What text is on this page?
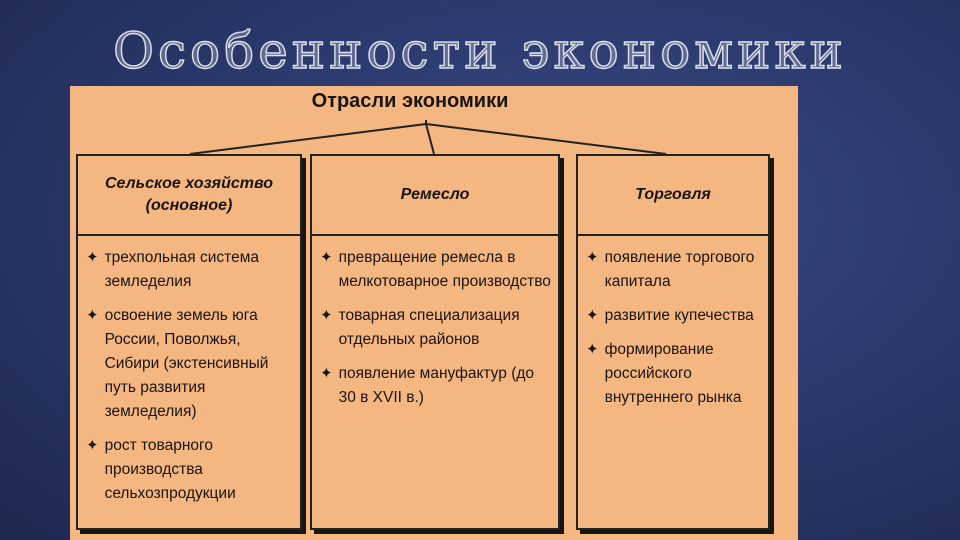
Особенности экономики
Отрасли экономики
Сельское хозяйство
(основное)
✦ трехпольная система земледелия
✦ освоение земель юга России, Поволжья, Сибири (экстенсивный путь развития земледелия)
✦ рост товарного производства сельхозпродукции
Ремесло
✦ превращение ремесла в мелкотоварное производство
✦ товарная специализация отдельных районов
✦ появление мануфактур (до 30 в XVII в.)
Торговля
✦ появление торгового капитала
✦ развитие купечества
✦ формирование российского внутреннего рынка
